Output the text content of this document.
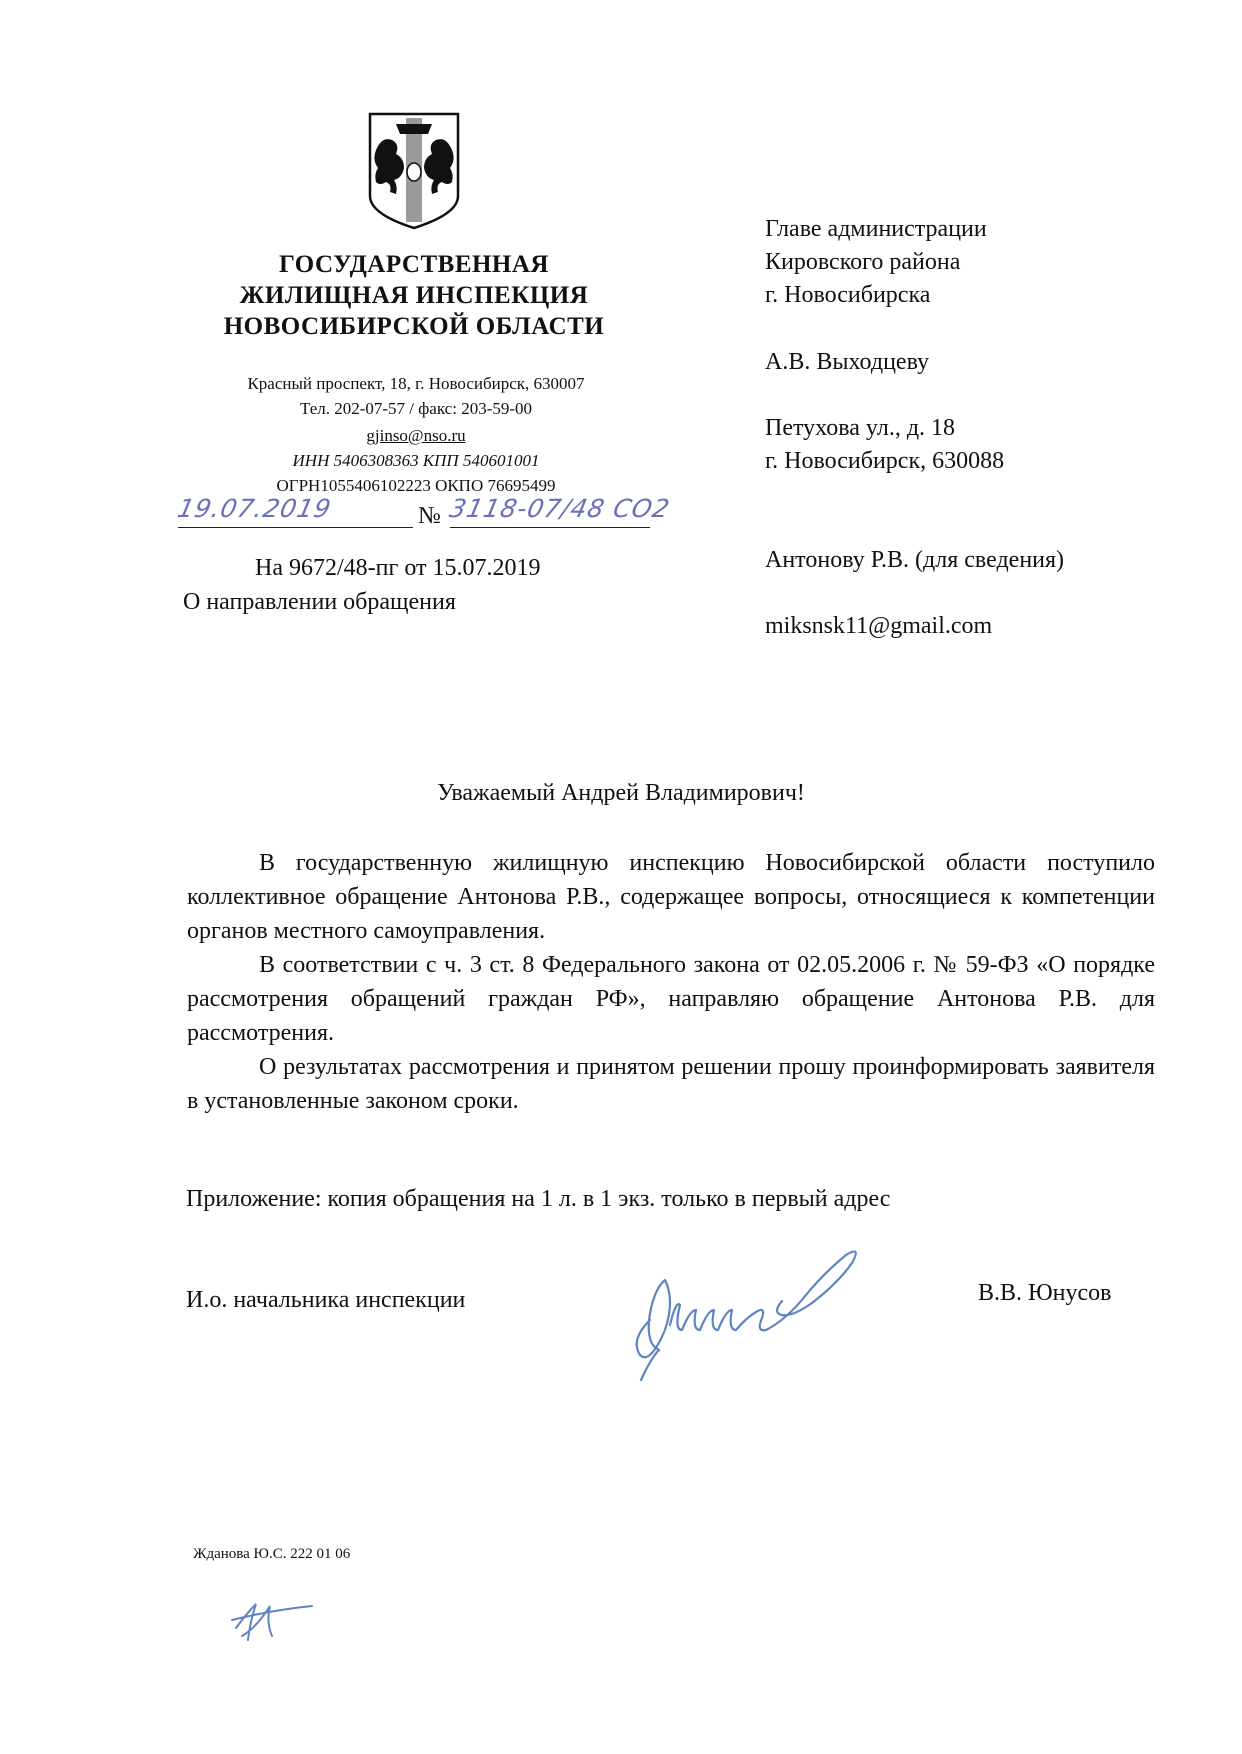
ГОСУДАРСТВЕННАЯ
ЖИЛИЩНАЯ ИНСПЕКЦИЯ
НОВОСИБИРСКОЙ ОБЛАСТИ
Красный проспект, 18, г. Новосибирск, 630007
Тел. 202-07-57 / факс: 203-59-00
gjinso@nso.ru
ИНН 5406308363 КПП 540601001
ОГРН1055406102223 ОКПО 76695499
19.07.2019	№ 3118-07/48 СО2
На 9672/48-пг от 15.07.2019
О направлении обращения
Главе администрации
Кировского района
г. Новосибирска
А.В. Выходцеву
Петухова ул., д. 18
г. Новосибирск, 630088
Антонову Р.В. (для сведения)
miksnsk11@gmail.com
Уважаемый Андрей Владимирович!
В государственную жилищную инспекцию Новосибирской области поступило коллективное обращение Антонова Р.В., содержащее вопросы, относящиеся к компетенции органов местного самоуправления.
В соответствии с ч. 3 ст. 8 Федерального закона от 02.05.2006 г. № 59-ФЗ «О порядке рассмотрения обращений граждан РФ», направляю обращение Антонова Р.В. для рассмотрения.
О результатах рассмотрения и принятом решении прошу проинформировать заявителя в установленные законом сроки.
Приложение: копия обращения на 1 л. в 1 экз. только в первый адрес
И.о. начальника инспекции	В.В. Юнусов
Жданова Ю.С. 222 01 06
